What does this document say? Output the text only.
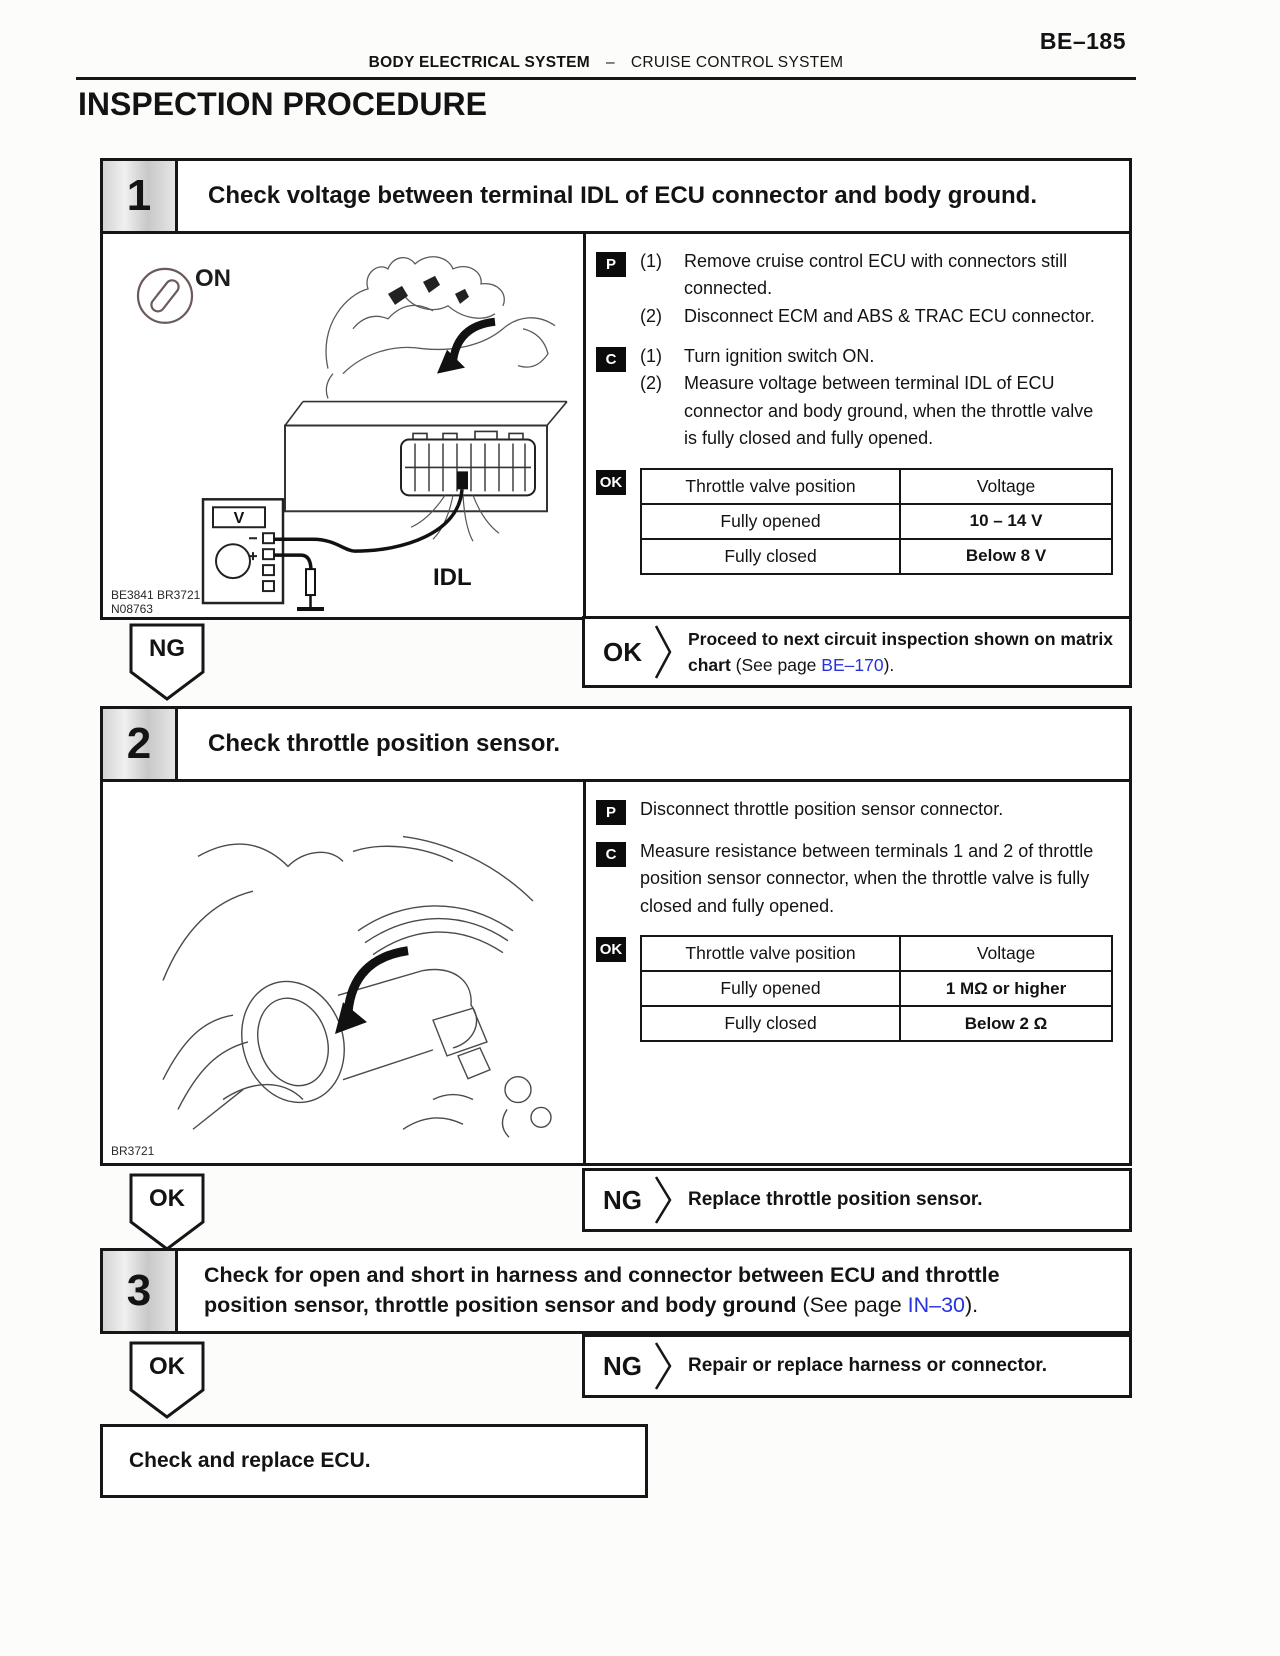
BE–185
BODY ELECTRICAL SYSTEM – CRUISE CONTROL SYSTEM
INSPECTION PROCEDURE
1	Check voltage between terminal IDL of ECU connector and body ground.
ON
V
IDL
BE3841 BR3721
N08763
P	(1)	Remove cruise control ECU with connectors still connected.
(2)	Disconnect ECM and ABS & TRAC ECU connector.
C	(1)	Turn ignition switch ON.
(2)	Measure voltage between terminal IDL of ECU connector and body ground, when the throttle valve is fully closed and fully opened.
OK	Throttle valve position	Voltage
Fully opened	10 – 14 V
Fully closed	Below 8 V
NG	OK	Proceed to next circuit inspection shown on matrix chart (See page BE–170).
2	Check throttle position sensor.
BR3721
P	Disconnect throttle position sensor connector.
C	Measure resistance between terminals 1 and 2 of throttle position sensor connector, when the throttle valve is fully closed and fully opened.
OK	Throttle valve position	Voltage
Fully opened	1 MΩ or higher
Fully closed	Below 2 Ω
OK	NG Replace throttle position sensor.
3	Check for open and short in harness and connector between ECU and throttle position sensor, throttle position sensor and body ground (See page IN–30).
OK	NG Repair or replace harness or connector.
Check and replace ECU.
